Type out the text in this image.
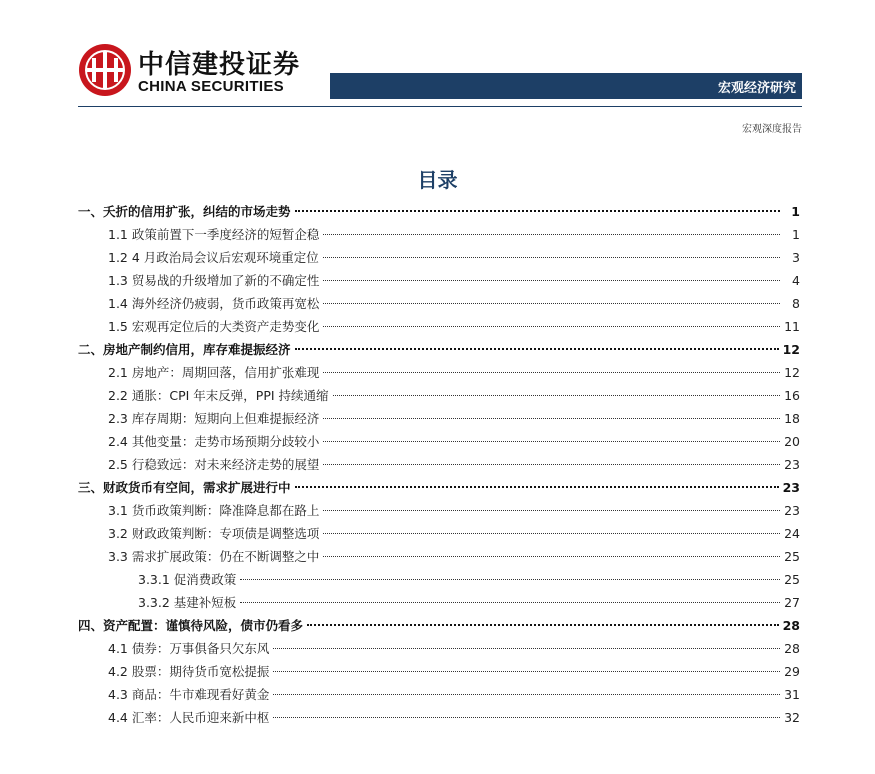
中信建投证券
CHINA SECURITIES	宏观经济研究
宏观深度报告
目录
一、夭折的信用扩张，纠结的市场走势	1
1.1 政策前置下一季度经济的短暂企稳	1
1.2 4 月政治局会议后宏观环境重定位	3
1.3 贸易战的升级增加了新的不确定性	4
1.4 海外经济仍疲弱，货币政策再宽松	8
1.5 宏观再定位后的大类资产走势变化	11
二、房地产制约信用，库存难提振经济	12
2.1 房地产：周期回落，信用扩张难现	12
2.2 通胀：CPI 年末反弹，PPI 持续通缩	16
2.3 库存周期：短期向上但难提振经济	18
2.4 其他变量：走势市场预期分歧较小	20
2.5 行稳致远：对未来经济走势的展望	23
三、财政货币有空间，需求扩展进行中	23
3.1 货币政策判断：降准降息都在路上	23
3.2 财政政策判断：专项债是调整选项	24
3.3 需求扩展政策：仍在不断调整之中	25
3.3.1 促消费政策	25
3.3.2 基建补短板	27
四、资产配置：谨慎待风险，债市仍看多	28
4.1 债券：万事俱备只欠东风	28
4.2 股票：期待货币宽松提振	29
4.3 商品：牛市难现看好黄金	31
4.4 汇率：人民币迎来新中枢	32
